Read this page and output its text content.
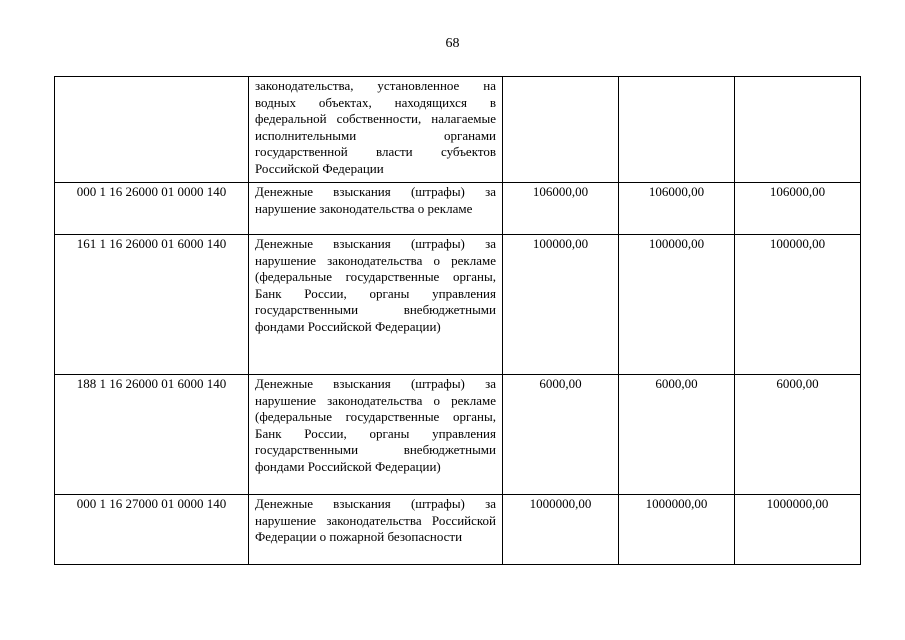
68

	законодательства, установленное на водных объектах, находящихся в федеральной собственности, налагаемые исполнительными органами государственной власти субъектов Российской Федерации			

000 1 16 26000 01 0000 140	Денежные взыскания (штрафы) за нарушение законодательства о рекламе	106000,00	106000,00	106000,00
161 1 16 26000 01 6000 140	Денежные взыскания (штрафы) за нарушение законодательства о рекламе (федеральные государственные органы, Банк России, органы управления государственными внебюджетными фондами Российской Федерации)	100000,00	100000,00	100000,00
188 1 16 26000 01 6000 140	Денежные взыскания (штрафы) за нарушение законодательства о рекламе (федеральные государственные органы, Банк России, органы управления государственными внебюджетными фондами Российской Федерации)	6000,00	6000,00	6000,00
000 1 16 27000 01 0000 140	Денежные взыскания (штрафы) за нарушение законодательства Российской Федерации о пожарной безопасности	1000000,00	1000000,00	1000000,00
